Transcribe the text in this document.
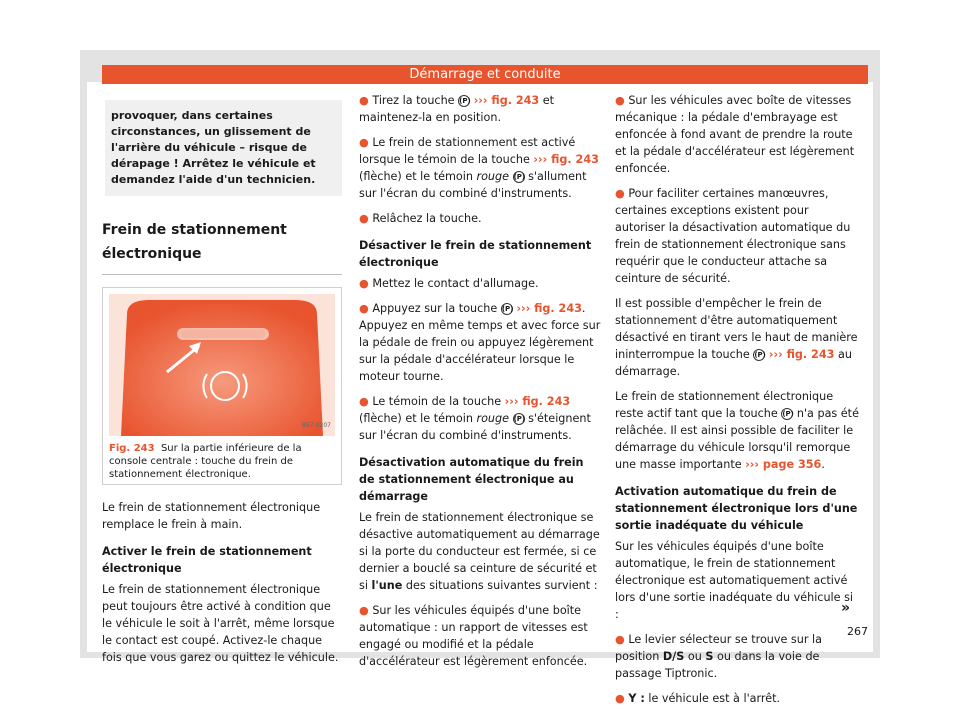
Démarrage et conduite
provoquer, dans certaines circonstances, un glissement de l'arrière du véhicule – risque de dérapage ! Arrêtez le véhicule et demandez l'aide d'un technicien.
Frein de stationnement électronique
B57-0207
Fig. 243 Sur la partie inférieure de la console centrale : touche du frein de stationnement électronique.

Le frein de stationnement électronique remplace le frein à main.

Activer le frein de stationnement électronique

Le frein de stationnement électronique peut toujours être activé à condition que le véhicule le soit à l'arrêt, même lorsque le contact est coupé. Activez-le chaque fois que vous garez ou quittez le véhicule.

● Tirez la touche (P) ››› fig. 243 et maintenez-la en position.

● Le frein de stationnement est activé lorsque le témoin de la touche ››› fig. 243 (flèche) et le témoin rouge (P) s'allument sur l'écran du combiné d'instruments.

● Relâchez la touche.

Désactiver le frein de stationnement électronique

● Mettez le contact d'allumage.

● Appuyez sur la touche (P) ››› fig. 243. Appuyez en même temps et avec force sur la pédale de frein ou appuyez légèrement sur la pédale d'accélérateur lorsque le moteur tourne.

● Le témoin de la touche ››› fig. 243 (flèche) et le témoin rouge (P) s'éteignent sur l'écran du combiné d'instruments.

Désactivation automatique du frein de stationnement électronique au démarrage

Le frein de stationnement électronique se désactive automatiquement au démarrage si la porte du conducteur est fermée, si ce dernier a bouclé sa ceinture de sécurité et si l'une des situations suivantes survient :

● Sur les véhicules équipés d'une boîte automatique : un rapport de vitesses est engagé ou modifié et la pédale d'accélérateur est légèrement enfoncée.

● Sur les véhicules avec boîte de vitesses mécanique : la pédale d'embrayage est enfoncée à fond avant de prendre la route et la pédale d'accélérateur est légèrement enfoncée.

● Pour faciliter certaines manœuvres, certaines exceptions existent pour autoriser la désactivation automatique du frein de stationnement électronique sans requérir que le conducteur attache sa ceinture de sécurité.

Il est possible d'empêcher le frein de stationnement d'être automatiquement désactivé en tirant vers le haut de manière ininterrompue la touche (P) ››› fig. 243 au démarrage.

Le frein de stationnement électronique reste actif tant que la touche (P) n'a pas été relâchée. Il est ainsi possible de faciliter le démarrage du véhicule lorsqu'il remorque une masse importante ››› page 356.

Activation automatique du frein de stationnement électronique lors d'une sortie inadéquate du véhicule

Sur les véhicules équipés d'une boîte automatique, le frein de stationnement électronique est automatiquement activé lors d'une sortie inadéquate du véhicule si :

● Le levier sélecteur se trouve sur la position D/S ou S ou dans la voie de passage Tiptronic.

● Y : le véhicule est à l'arrêt.

»
267
